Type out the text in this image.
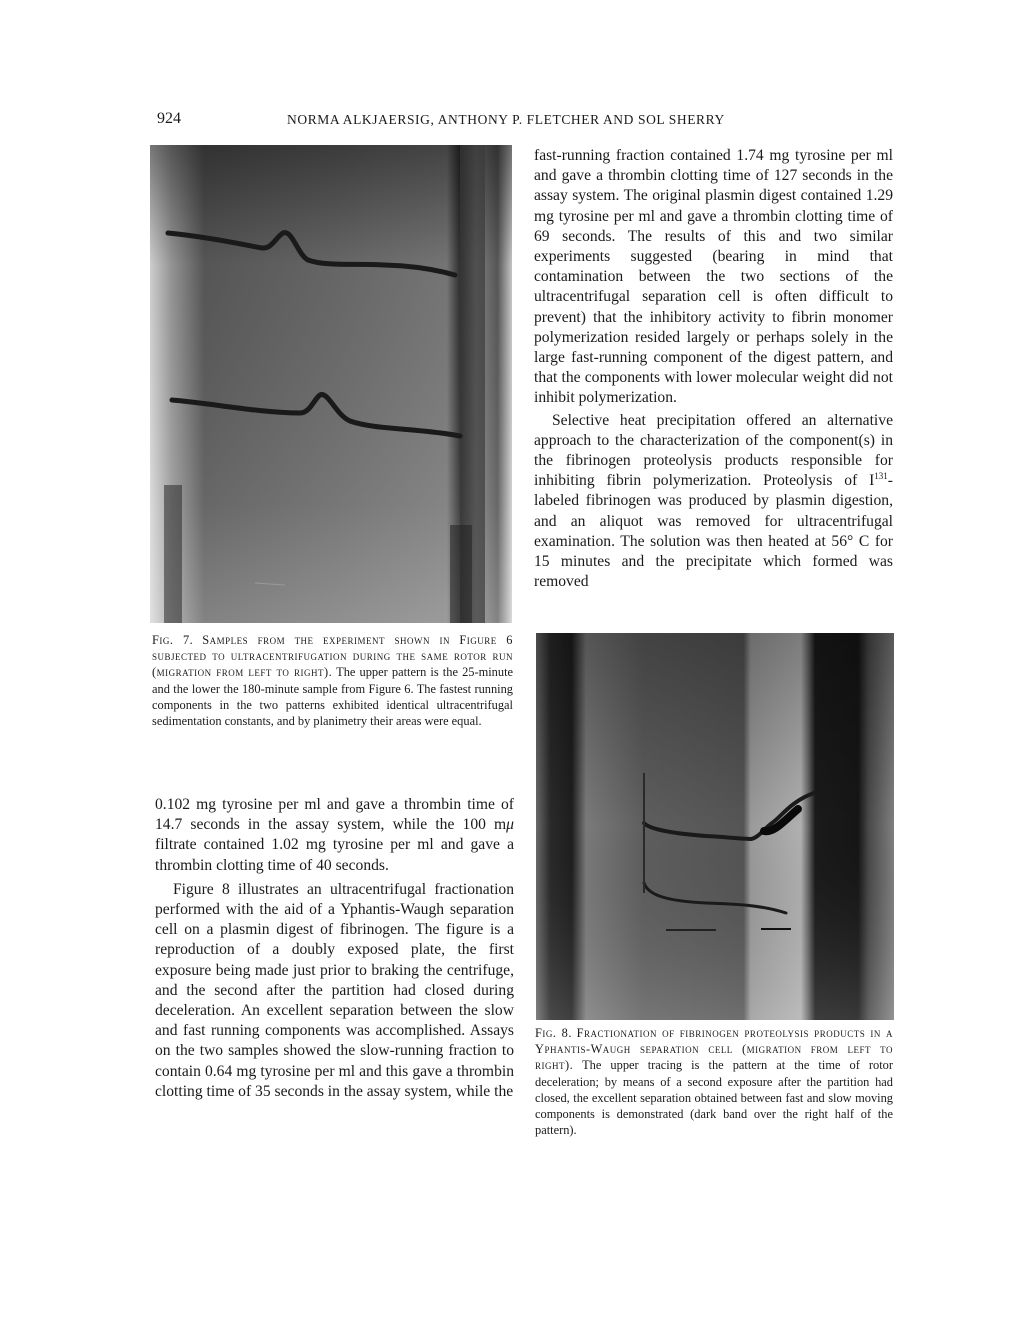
924	NORMA ALKJAERSIG, ANTHONY P. FLETCHER AND SOL SHERRY
Fig. 7. Samples from the experiment shown in Figure 6 subjected to ultracentrifugation during the same rotor run (migration from left to right). The upper pattern is the 25-minute and the lower the 180-minute sample from Figure 6. The fastest running components in the two patterns exhibited identical ultracentrifugal sedimentation constants, and by planimetry their areas were equal.

0.102 mg tyrosine per ml and gave a thrombin time of 14.7 seconds in the assay system, while the 100 mμ filtrate contained 1.02 mg tyrosine per ml and gave a thrombin clotting time of 40 seconds.

Figure 8 illustrates an ultracentrifugal fractionation performed with the aid of a Yphantis-Waugh separation cell on a plasmin digest of fibrinogen. The figure is a reproduction of a doubly exposed plate, the first exposure being made just prior to braking the centrifuge, and the second after the partition had closed during deceleration. An excellent separation between the slow and fast running components was accomplished. Assays on the two samples showed the slow-running fraction to contain 0.64 mg tyrosine per ml and this gave a thrombin clotting time of 35 seconds in the assay system, while the

fast-running fraction contained 1.74 mg tyrosine per ml and gave a thrombin clotting time of 127 seconds in the assay system. The original plasmin digest contained 1.29 mg tyrosine per ml and gave a thrombin clotting time of 69 seconds. The results of this and two similar experiments suggested (bearing in mind that contamination between the two sections of the ultracentrifugal separation cell is often difficult to prevent) that the inhibitory activity to fibrin monomer polymerization resided largely or perhaps solely in the large fast-running component of the digest pattern, and that the components with lower molecular weight did not inhibit polymerization.

Selective heat precipitation offered an alternative approach to the characterization of the component(s) in the fibrinogen proteolysis products responsible for inhibiting fibrin polymerization. Proteolysis of $I^{131}$-labeled fibrinogen was produced by plasmin digestion, and an aliquot was removed for ultracentrifugal examination. The solution was then heated at 56° C for 15 minutes and the precipitate which formed was removed

Fig. 8. Fractionation of fibrinogen proteolysis products in a Yphantis-Waugh separation cell (migration from left to right). The upper tracing is the pattern at the time of rotor deceleration; by means of a second exposure after the partition had closed, the excellent separation obtained between fast and slow moving components is demonstrated (dark band over the right half of the pattern).
